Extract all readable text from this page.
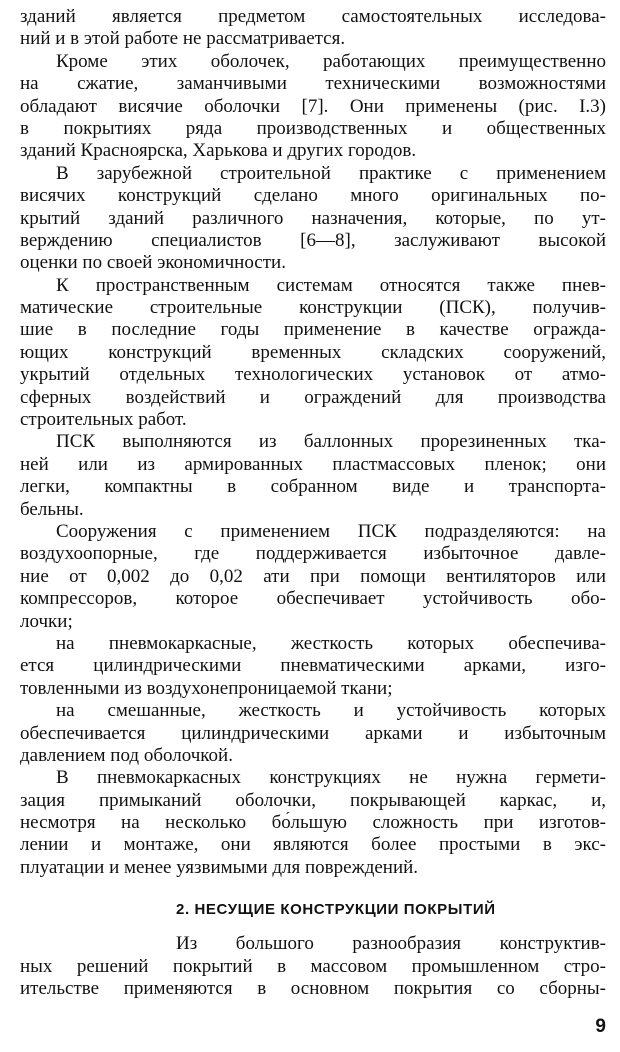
зданий является предметом самостоятельных исследова-
ний и в этой работе не рассматривается.
Кроме этих оболочек, работающих преимущественно
на сжатие, заманчивыми техническими возможностями
обладают висячие оболочки [7]. Они применены (рис. I.3)
в покрытиях ряда производственных и общественных
зданий Красноярска, Харькова и других городов.
В зарубежной строительной практике с применением
висячих конструкций сделано много оригинальных по-
крытий зданий различного назначения, которые, по ут-
верждению специалистов [6—8], заслуживают высокой
оценки по своей экономичности.
К пространственным системам относятся также пнев-
матические строительные конструкции (ПСК), получив-
шие в последние годы применение в качестве огражда-
ющих конструкций временных складских сооружений,
укрытий отдельных технологических установок от атмо-
сферных воздействий и ограждений для производства
строительных работ.
ПСК выполняются из баллонных прорезиненных тка-
ней или из армированных пластмассовых пленок; они
легки, компактны в собранном виде и транспорта-
бельны.
Сооружения с применением ПСК подразделяются: на
воздухоопорные, где поддерживается избыточное давле-
ние от 0,002 до 0,02 ати при помощи вентиляторов или
компрессоров, которое обеспечивает устойчивость обо-
лочки;
на пневмокаркасные, жесткость которых обеспечива-
ется цилиндрическими пневматическими арками, изго-
товленными из воздухонепроницаемой ткани;
на смешанные, жесткость и устойчивость которых
обеспечивается цилиндрическими арками и избыточным
давлением под оболочкой.
В пневмокаркасных конструкциях не нужна гермети-
зация примыканий оболочки, покрывающей каркас, и,
несмотря на несколько бо́льшую сложность при изготов-
лении и монтаже, они являются более простыми в экс-
плуатации и менее уязвимыми для повреждений.
2. НЕСУЩИЕ КОНСТРУКЦИИ ПОКРЫТИЙ
Из большого разнообразия конструктив-
ных решений покрытий в массовом промышленном стро-
ительстве применяются в основном покрытия со сборны-
9
